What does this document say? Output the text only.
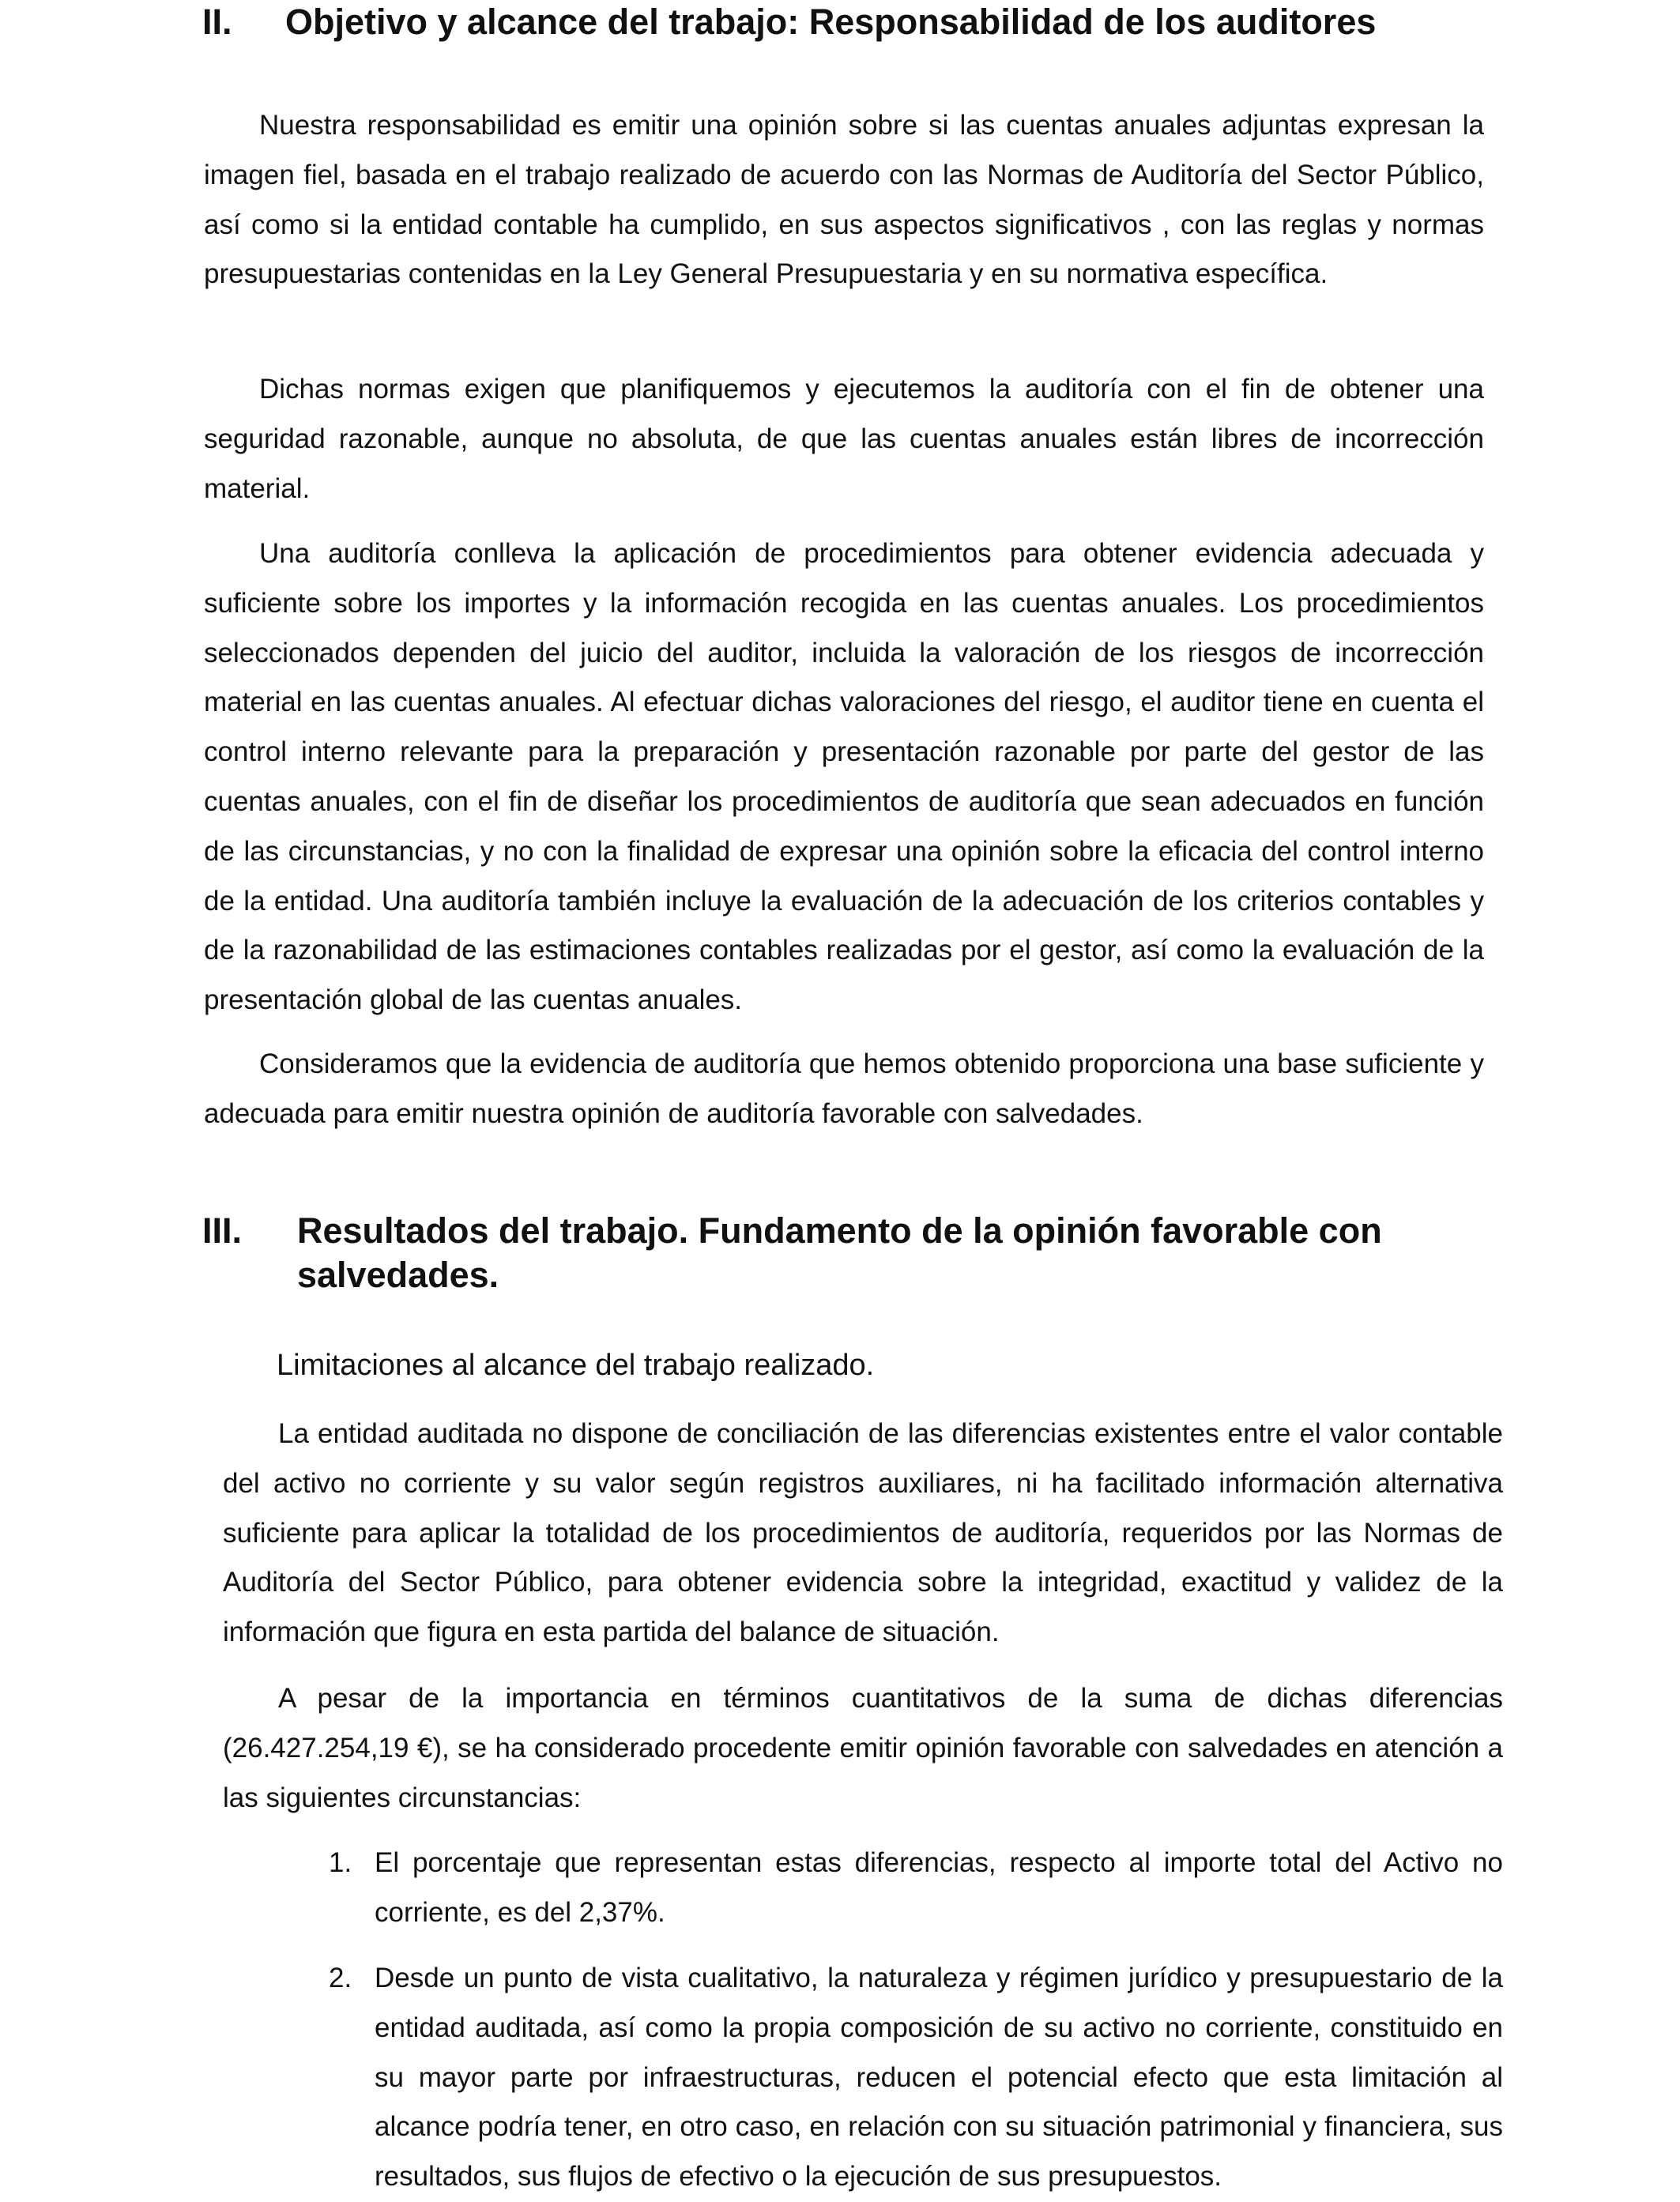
II. Objetivo y alcance del trabajo: Responsabilidad de los auditores

Nuestra responsabilidad es emitir una opinión sobre si las cuentas anuales adjuntas expresan la imagen fiel, basada en el trabajo realizado de acuerdo con las Normas de Auditoría del Sector Público, así como si la entidad contable ha cumplido, en sus aspectos significativos , con las reglas y normas presupuestarias contenidas en la Ley General Presupuestaria y en su normativa específica.

Dichas normas exigen que planifiquemos y ejecutemos la auditoría con el fin de obtener una seguridad razonable, aunque no absoluta, de que las cuentas anuales están libres de incorrección material.

Una auditoría conlleva la aplicación de procedimientos para obtener evidencia adecuada y suficiente sobre los importes y la información recogida en las cuentas anuales. Los procedimientos seleccionados dependen del juicio del auditor, incluida la valoración de los riesgos de incorrección material en las cuentas anuales. Al efectuar dichas valoraciones del riesgo, el auditor tiene en cuenta el control interno relevante para la preparación y presentación razonable por parte del gestor de las cuentas anuales, con el fin de diseñar los procedimientos de auditoría que sean adecuados en función de las circunstancias, y no con la finalidad de expresar una opinión sobre la eficacia del control interno de la entidad. Una auditoría también incluye la evaluación de la adecuación de los criterios contables y de la razonabilidad de las estimaciones contables realizadas por el gestor, así como la evaluación de la presentación global de las cuentas anuales.

Consideramos que la evidencia de auditoría que hemos obtenido proporciona una base suficiente y adecuada para emitir nuestra opinión de auditoría favorable con salvedades.

III. Resultados del trabajo. Fundamento de la opinión favorable con salvedades.

Limitaciones al alcance del trabajo realizado.

La entidad auditada no dispone de conciliación de las diferencias existentes entre el valor contable del activo no corriente y su valor según registros auxiliares, ni ha facilitado información alternativa suficiente para aplicar la totalidad de los procedimientos de auditoría, requeridos por las Normas de Auditoría del Sector Público, para obtener evidencia sobre la integridad, exactitud y validez de la información que figura en esta partida del balance de situación.

A pesar de la importancia en términos cuantitativos de la suma de dichas diferencias (26.427.254,19 €), se ha considerado procedente emitir opinión favorable con salvedades en atención a las siguientes circunstancias:

1. El porcentaje que representan estas diferencias, respecto al importe total del Activo no corriente, es del 2,37%.
2. Desde un punto de vista cualitativo, la naturaleza y régimen jurídico y presupuestario de la entidad auditada, así como la propia composición de su activo no corriente, constituido en su mayor parte por infraestructuras, reducen el potencial efecto que esta limitación al alcance podría tener, en otro caso, en relación con su situación patrimonial y financiera, sus resultados, sus flujos de efectivo o la ejecución de sus presupuestos.
